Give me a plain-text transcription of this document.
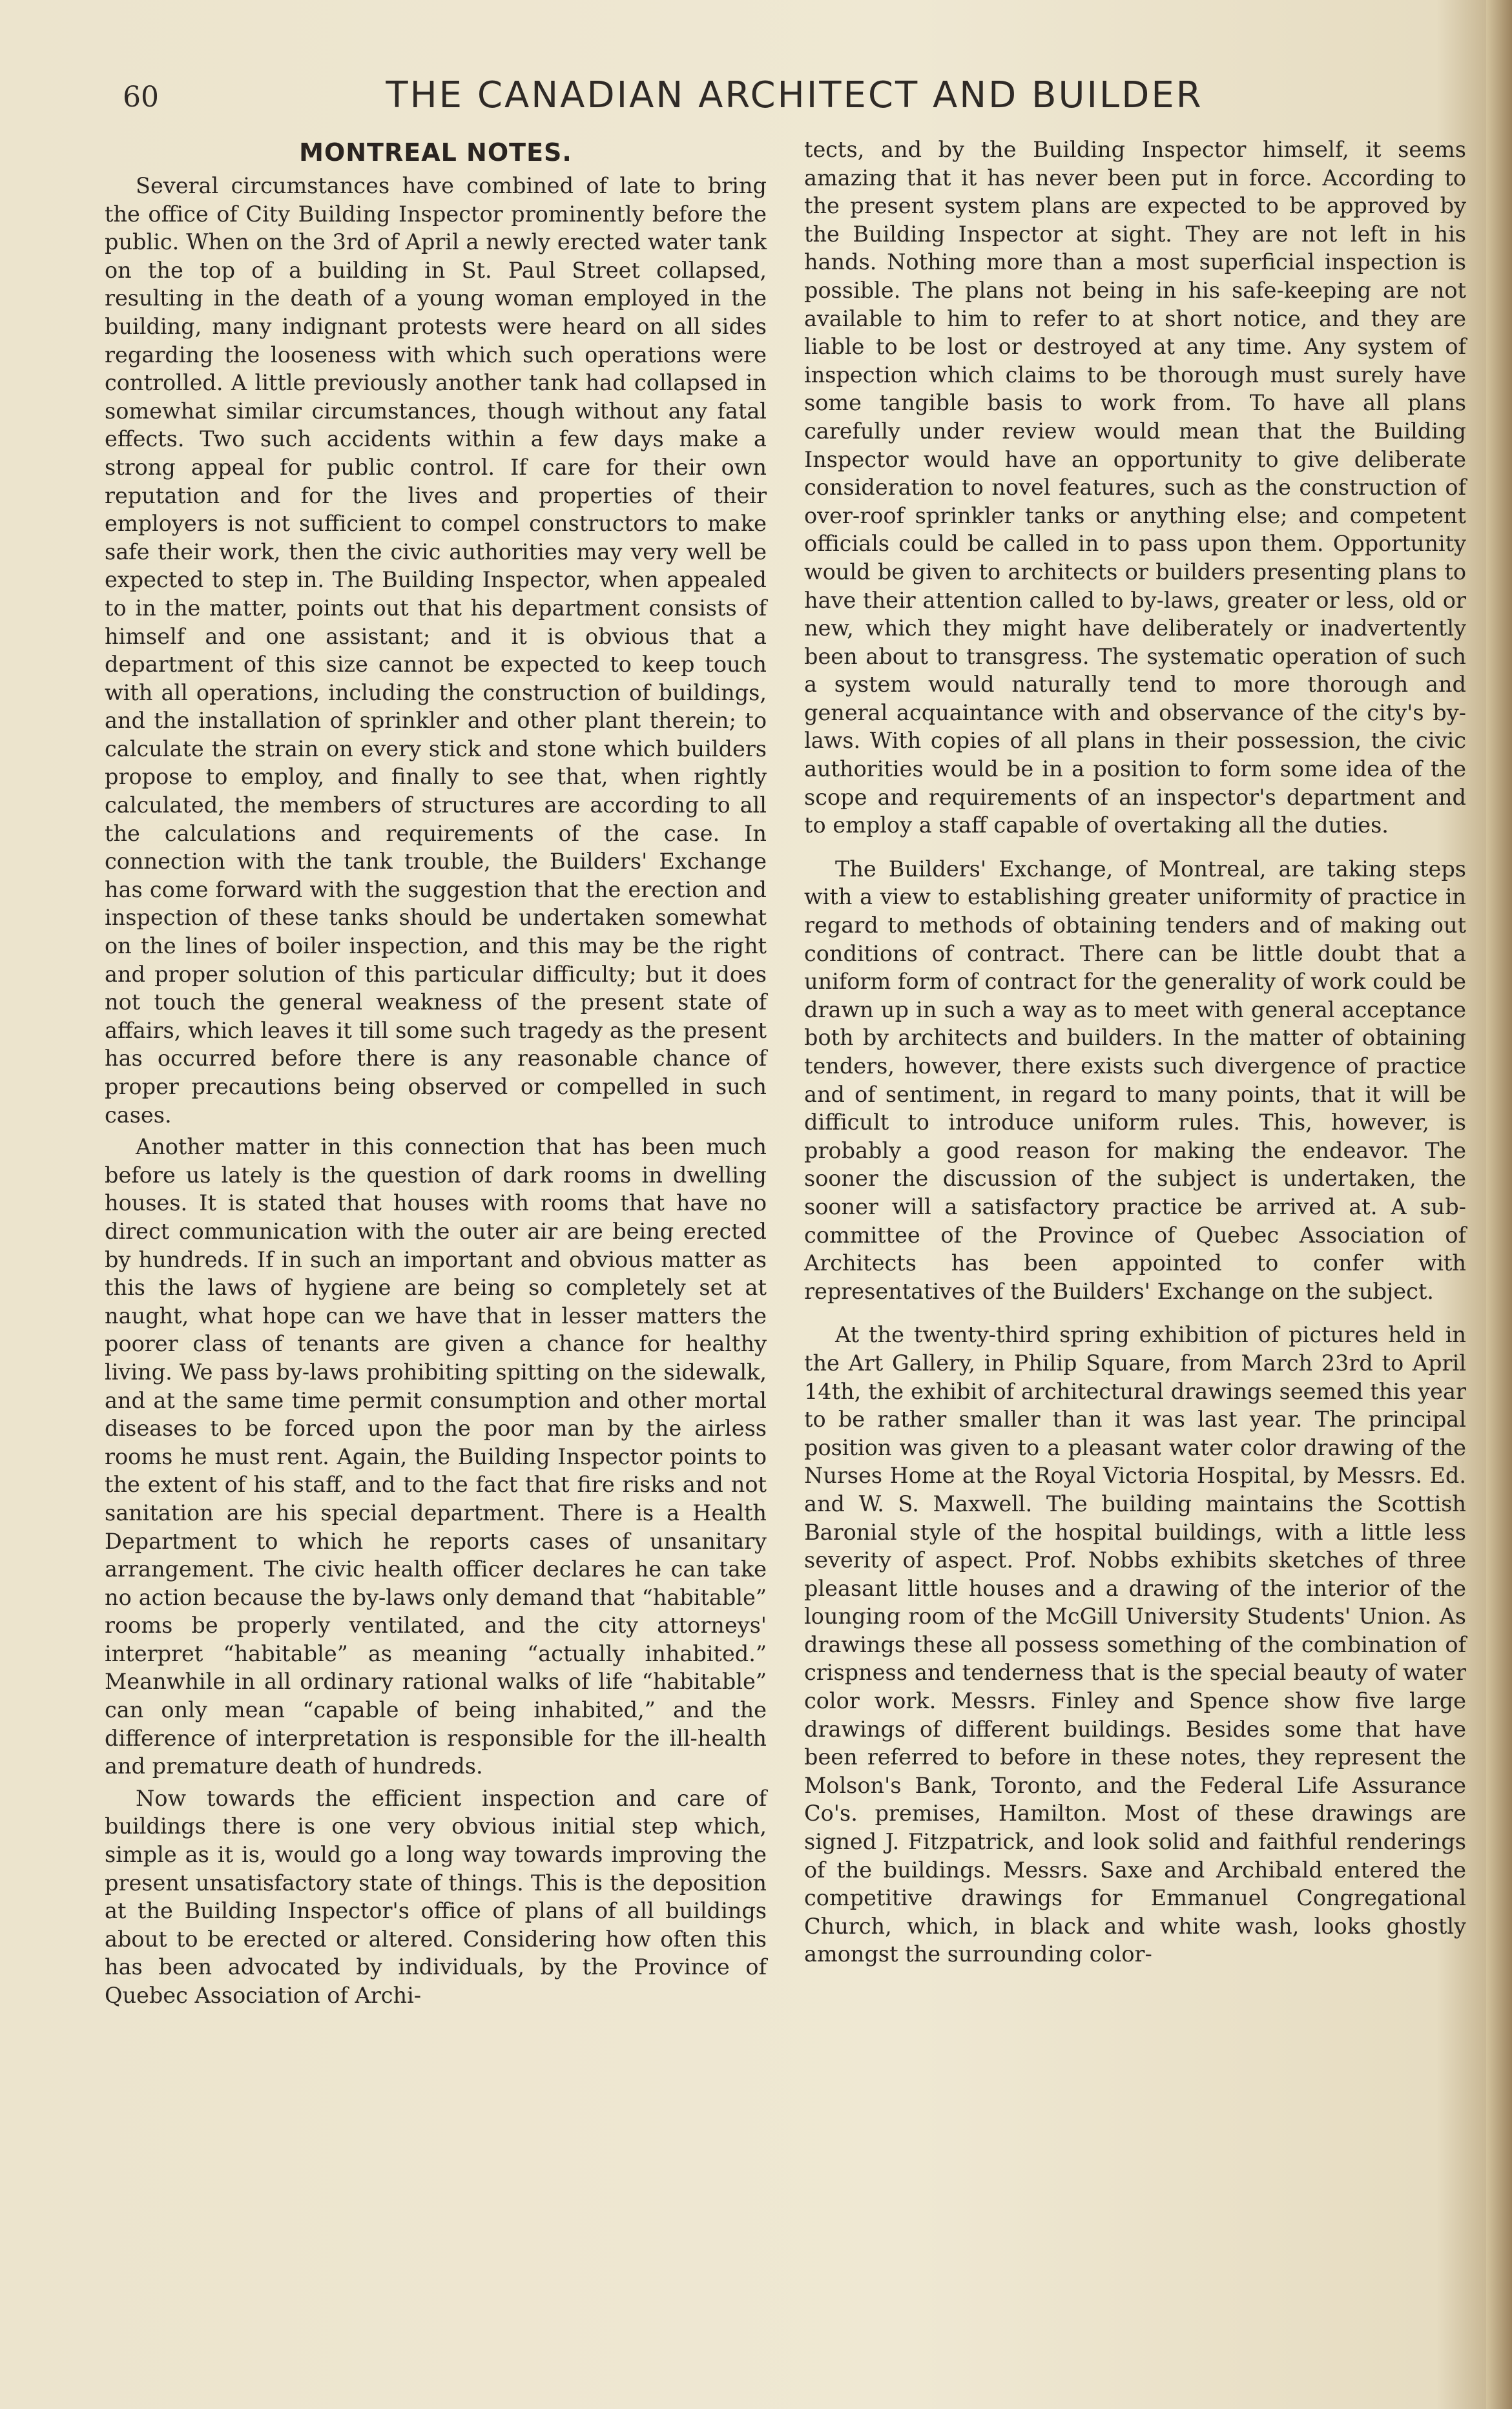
60	THE CANADIAN ARCHITECT AND BUILDER
MONTREAL NOTES.

Several circumstances have combined of late to bring the office of City Building Inspector prominently before the public. When on the 3rd of April a newly erected water tank on the top of a building in St. Paul Street collapsed, resulting in the death of a young woman employed in the building, many indignant protests were heard on all sides regarding the looseness with which such operations were controlled. A little previously another tank had collapsed in somewhat similar circumstances, though without any fatal effects. Two such accidents within a few days make a strong appeal for public control. If care for their own reputation and for the lives and properties of their employers is not sufficient to compel constructors to make safe their work, then the civic authorities may very well be expected to step in. The Building Inspector, when appealed to in the matter, points out that his department consists of himself and one assistant; and it is obvious that a department of this size cannot be expected to keep touch with all operations, including the construction of buildings, and the installation of sprinkler and other plant therein; to calculate the strain on every stick and stone which builders propose to employ, and finally to see that, when rightly calculated, the members of structures are according to all the calculations and requirements of the case. In connection with the tank trouble, the Builders' Exchange has come forward with the suggestion that the erection and inspection of these tanks should be undertaken somewhat on the lines of boiler inspection, and this may be the right and proper solution of this particular difficulty; but it does not touch the general weakness of the present state of affairs, which leaves it till some such tragedy as the present has occurred before there is any reasonable chance of proper precautions being observed or compelled in such cases.

Another matter in this connection that has been much before us lately is the question of dark rooms in dwelling houses. It is stated that houses with rooms that have no direct communication with the outer air are being erected by hundreds. If in such an important and obvious matter as this the laws of hygiene are being so completely set at naught, what hope can we have that in lesser matters the poorer class of tenants are given a chance for healthy living. We pass by-laws prohibiting spitting on the sidewalk, and at the same time permit consumption and other mortal diseases to be forced upon the poor man by the airless rooms he must rent. Again, the Building Inspector points to the extent of his staff, and to the fact that fire risks and not sanitation are his special department. There is a Health Department to which he reports cases of unsanitary arrangement. The civic health officer declares he can take no action because the by-laws only demand that “habitable” rooms be properly ventilated, and the city attorneys' interpret “habitable” as meaning “actually inhabited.” Meanwhile in all ordinary rational walks of life “habitable” can only mean “capable of being inhabited,” and the difference of interpretation is responsible for the ill-health and premature death of hundreds.

Now towards the efficient inspection and care of buildings there is one very obvious initial step which, simple as it is, would go a long way towards improving the present unsatisfactory state of things. This is the deposition at the Building Inspector's office of plans of all buildings about to be erected or altered. Considering how often this has been advocated by individuals, by the Province of Quebec Association of Archi-

tects, and by the Building Inspector himself, it seems amazing that it has never been put in force. According to the present system plans are expected to be approved by the Building Inspector at sight. They are not left in his hands. Nothing more than a most superficial inspection is possible. The plans not being in his safe-keeping are not available to him to refer to at short notice, and they are liable to be lost or destroyed at any time. Any system of inspection which claims to be thorough must surely have some tangible basis to work from. To have all plans carefully under review would mean that the Building Inspector would have an opportunity to give deliberate consideration to novel features, such as the construction of over-roof sprinkler tanks or anything else; and competent officials could be called in to pass upon them. Opportunity would be given to architects or builders presenting plans to have their attention called to by-laws, greater or less, old or new, which they might have deliberately or inadvertently been about to transgress. The systematic operation of such a system would naturally tend to more thorough and general acquaintance with and observance of the city's by-laws. With copies of all plans in their possession, the civic authorities would be in a position to form some idea of the scope and requirements of an inspector's department and to employ a staff capable of overtaking all the duties.

The Builders' Exchange, of Montreal, are taking steps with a view to establishing greater uniformity of practice in regard to methods of obtaining tenders and of making out conditions of contract. There can be little doubt that a uniform form of contract for the generality of work could be drawn up in such a way as to meet with general acceptance both by architects and builders. In the matter of obtaining tenders, however, there exists such divergence of practice and of sentiment, in regard to many points, that it will be difficult to introduce uniform rules. This, however, is probably a good reason for making the endeavor. The sooner the discussion of the subject is undertaken, the sooner will a satisfactory practice be arrived at. A sub-committee of the Province of Quebec Association of Architects has been appointed to confer with representatives of the Builders' Exchange on the subject.

At the twenty-third spring exhibition of pictures held in the Art Gallery, in Philip Square, from March 23rd to April 14th, the exhibit of architectural drawings seemed this year to be rather smaller than it was last year. The principal position was given to a pleasant water color drawing of the Nurses Home at the Royal Victoria Hospital, by Messrs. Ed. and W. S. Maxwell. The building maintains the Scottish Baronial style of the hospital buildings, with a little less severity of aspect. Prof. Nobbs exhibits sketches of three pleasant little houses and a drawing of the interior of the lounging room of the McGill University Students' Union. As drawings these all possess something of the combination of crispness and tenderness that is the special beauty of water color work. Messrs. Finley and Spence show five large drawings of different buildings. Besides some that have been referred to before in these notes, they represent the Molson's Bank, Toronto, and the Federal Life Assurance Co's. premises, Hamilton. Most of these drawings are signed J. Fitzpatrick, and look solid and faithful renderings of the buildings. Messrs. Saxe and Archibald entered the competitive drawings for Emmanuel Congregational Church, which, in black and white wash, looks ghostly amongst the surrounding color-
